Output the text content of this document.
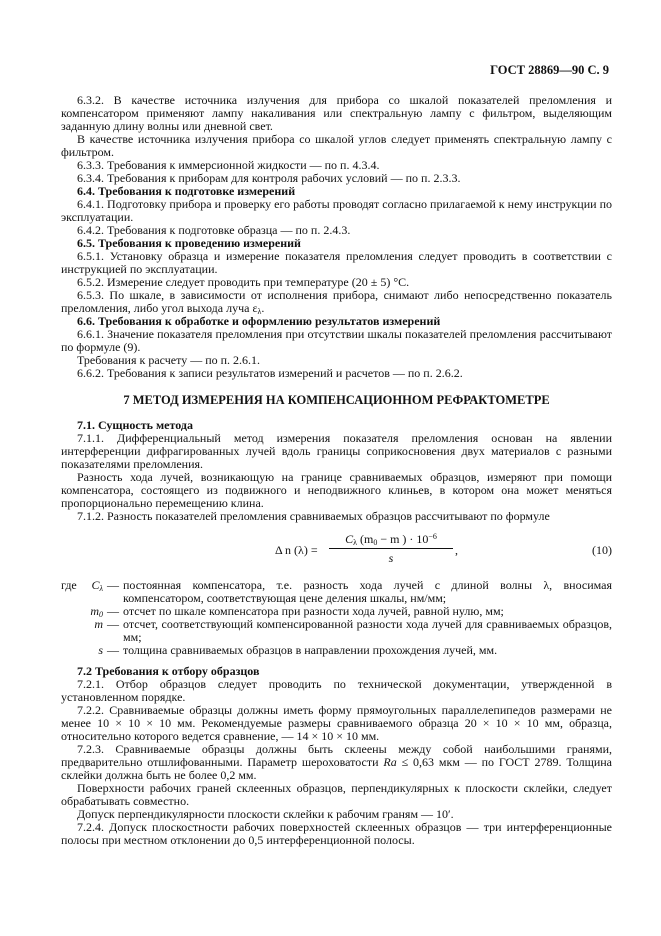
ГОСТ 28869—90 С. 9

6.3.2. В качестве источника излучения для прибора со шкалой показателей преломления и компенсатором применяют лампу накаливания или спектральную лампу с фильтром, выделяющим заданную длину волны или дневной свет.

В качестве источника излучения прибора со шкалой углов следует применять спектральную лампу с фильтром.

6.3.3. Требования к иммерсионной жидкости — по п. 4.3.4.

6.3.4. Требования к приборам для контроля рабочих условий — по п. 2.3.3.

6.4. Требования к подготовке измерений

6.4.1. Подготовку прибора и проверку его работы проводят согласно прилагаемой к нему инструкции по эксплуатации.

6.4.2. Требования к подготовке образца — по п. 2.4.3.

6.5. Требования к проведению измерений

6.5.1. Установку образца и измерение показателя преломления следует проводить в соответствии с инструкцией по эксплуатации.

6.5.2. Измерение следует проводить при температуре (20 ± 5) °С.

6.5.3. По шкале, в зависимости от исполнения прибора, снимают либо непосредственно показатель преломления, либо угол выхода луча $\varepsilon_\lambda$.

6.6. Требования к обработке и оформлению результатов измерений

6.6.1. Значение показателя преломления при отсутствии шкалы показателей преломления рассчитывают по формуле (9).

Требования к расчету — по п. 2.6.1.

6.6.2. Требования к записи результатов измерений и расчетов — по п. 2.6.2.

7 МЕТОД ИЗМЕРЕНИЯ НА КОМПЕНСАЦИОННОМ РЕФРАКТОМЕТРЕ

7.1. Сущность метода

7.1.1. Дифференциальный метод измерения показателя преломления основан на явлении интерференции дифрагированных лучей вдоль границы соприкосновения двух материалов с разными показателями преломления.

Разность хода лучей, возникающую на границе сравниваемых образцов, измеряют при помощи компенсатора, состоящего из подвижного и неподвижного клиньев, в котором она может меняться пропорционально перемещению клина.

7.1.2. Разность показателей преломления сравниваемых образцов рассчитывают по формуле

Δ n $(\lambda) = \frac{C_\lambda (m_0 - m ) \cdot 10^{-6}}{s}$ ,	(10)
где $C_\lambda$ — постоянная компенсатора, т.е. разность хода лучей с длиной волны λ, вносимая компенсатором, соответствующая цене деления шкалы, нм/мм;
$m_0$ — отсчет по шкале компенсатора при разности хода лучей, равной нулю, мм;
m — отсчет, соответствующий компенсированной разности хода лучей для сравниваемых образцов, мм;
s — толщина сравниваемых образцов в направлении прохождения лучей, мм.

7.2 Требования к отбору образцов

7.2.1. Отбор образцов следует проводить по технической документации, утвержденной в установленном порядке.

7.2.2. Сравниваемые образцы должны иметь форму прямоугольных параллелепипедов размерами не менее 10 × 10 × 10 мм. Рекомендуемые размеры сравниваемого образца 20 × 10 × 10 мм, образца, относительно которого ведется сравнение, — 14 × 10 × 10 мм.

7.2.3. Сравниваемые образцы должны быть склеены между собой наибольшими гранями, предварительно отшлифованными. Параметр шероховатости Ra ≤ 0,63 мкм — по ГОСТ 2789. Толщина склейки должна быть не более 0,2 мм.

Поверхности рабочих граней склеенных образцов, перпендикулярных к плоскости склейки, следует обрабатывать совместно.

Допуск перпендикулярности плоскости склейки к рабочим граням — 10′.

7.2.4. Допуск плоскостности рабочих поверхностей склеенных образцов — три интерференционные полосы при местном отклонении до 0,5 интерференционной полосы.
